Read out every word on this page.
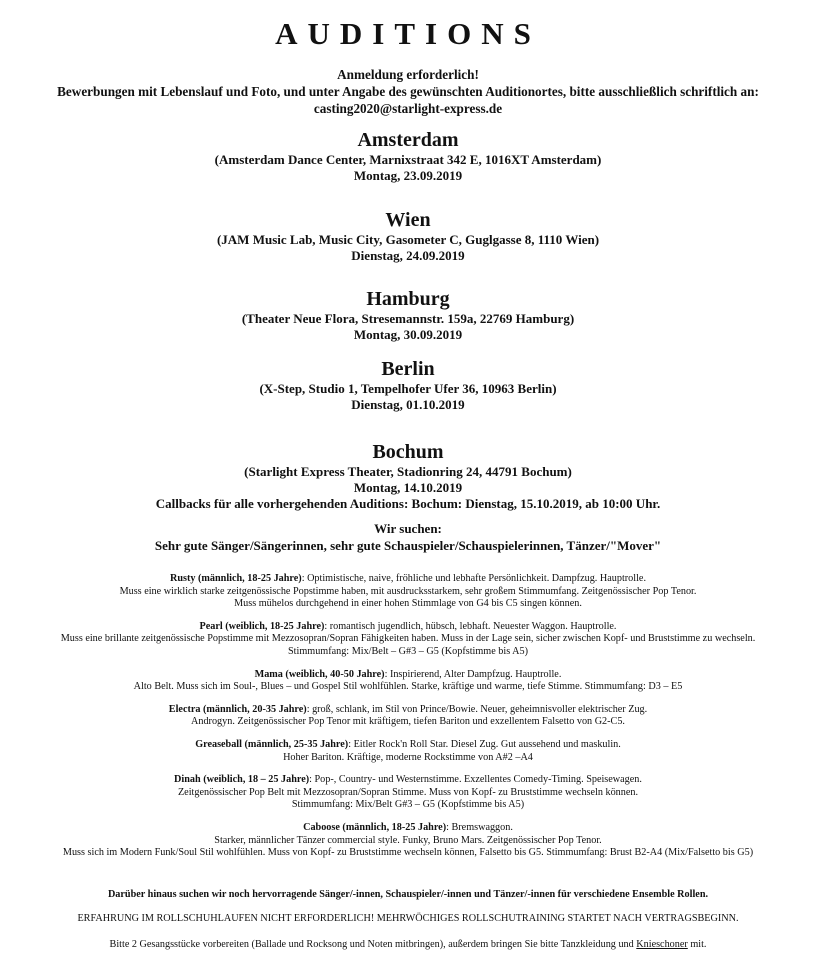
AUDITIONS
Anmeldung erforderlich!
Bewerbungen mit Lebenslauf und Foto, und unter Angabe des gewünschten Auditionortes, bitte ausschließlich schriftlich an:
casting2020@starlight-express.de
Amsterdam
(Amsterdam Dance Center, Marnixstraat 342 E, 1016XT Amsterdam)
Montag, 23.09.2019
Wien
(JAM Music Lab, Music City, Gasometer C, Guglgasse 8, 1110 Wien)
Dienstag, 24.09.2019
Hamburg
(Theater Neue Flora, Stresemannstr. 159a, 22769 Hamburg)
Montag, 30.09.2019
Berlin
(X-Step, Studio 1, Tempelhofer Ufer 36, 10963 Berlin)
Dienstag, 01.10.2019
Bochum
(Starlight Express Theater, Stadionring 24, 44791 Bochum)
Montag, 14.10.2019
Callbacks für alle vorhergehenden Auditions: Bochum: Dienstag, 15.10.2019, ab 10:00 Uhr.
Wir suchen:
Sehr gute Sänger/Sängerinnen, sehr gute Schauspieler/Schauspielerinnen, Tänzer/"Mover"
Rusty (männlich, 18-25 Jahre): Optimistische, naive, fröhliche und lebhafte Persönlichkeit. Dampfzug. Hauptrolle.
Muss eine wirklich starke zeitgenössische Popstimme haben, mit ausdrucksstarkem, sehr großem Stimmumfang. Zeitgenössischer Pop Tenor.
Muss mühelos durchgehend in einer hohen Stimmlage von G4 bis C5 singen können.
Pearl (weiblich, 18-25 Jahre): romantisch jugendlich, hübsch, lebhaft. Neuester Waggon. Hauptrolle.
Muss eine brillante zeitgenössische Popstimme mit Mezzosopran/Sopran Fähigkeiten haben. Muss in der Lage sein, sicher zwischen Kopf- und Bruststimme zu wechseln.
Stimmumfang: Mix/Belt – G#3 – G5 (Kopfstimme bis A5)
Mama (weiblich, 40-50 Jahre): Inspirierend, Alter Dampfzug. Hauptrolle.
Alto Belt. Muss sich im Soul-, Blues – und Gospel Stil wohlfühlen. Starke, kräftige und warme, tiefe Stimme. Stimmumfang: D3 – E5
Electra (männlich, 20-35 Jahre): groß, schlank, im Stil von Prince/Bowie. Neuer, geheimnisvoller elektrischer Zug.
Androgyn. Zeitgenössischer Pop Tenor mit kräftigem, tiefen Bariton und exzellentem Falsetto von G2-C5.
Greaseball (männlich, 25-35 Jahre): Eitler Rock'n Roll Star. Diesel Zug. Gut aussehend und maskulin.
Hoher Bariton. Kräftige, moderne Rockstimme von A#2 –A4
Dinah (weiblich, 18 – 25 Jahre): Pop-, Country- und Westernstimme. Exzellentes Comedy-Timing. Speisewagen.
Zeitgenössischer Pop Belt mit Mezzosopran/Sopran Stimme. Muss von Kopf- zu Bruststimme wechseln können.
Stimmumfang: Mix/Belt G#3 – G5 (Kopfstimme bis A5)
Caboose (männlich, 18-25 Jahre): Bremswaggon.
Starker, männlicher Tänzer commercial style. Funky, Bruno Mars. Zeitgenössischer Pop Tenor.
Muss sich im Modern Funk/Soul Stil wohlfühlen. Muss von Kopf- zu Bruststimme wechseln können, Falsetto bis G5. Stimmumfang: Brust B2-A4 (Mix/Falsetto bis G5)
Darüber hinaus suchen wir noch hervorragende Sänger/-innen, Schauspieler/-innen und Tänzer/-innen für verschiedene Ensemble Rollen.
ERFAHRUNG IM ROLLSCHUHLAUFEN NICHT ERFORDERLICH! MEHRWÖCHIGES ROLLSCHUTRAINING STARTET NACH VERTRAGSBEGINN.
Bitte 2 Gesangsstücke vorbereiten (Ballade und Rocksong und Noten mitbringen), außerdem bringen Sie bitte Tanzkleidung und Knieschoner mit.
